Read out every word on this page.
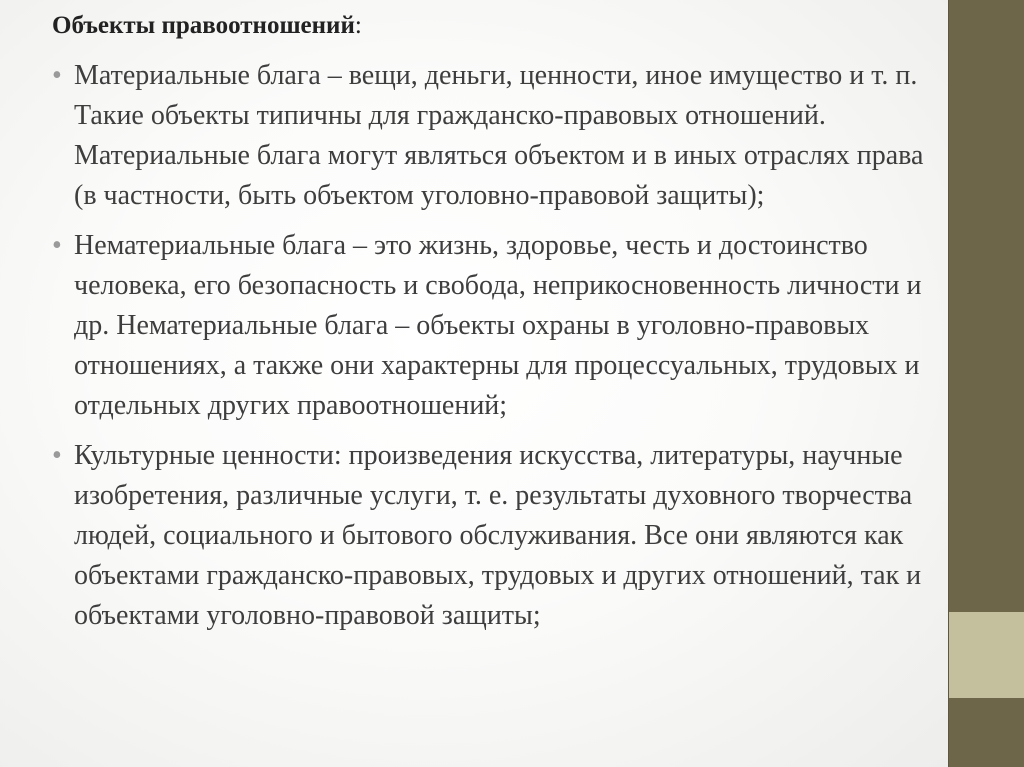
Объекты правоотношений:
• Материальные блага – вещи, деньги, ценности, иное имущество и т. п. Такие объекты типичны для гражданско-правовых отношений. Материальные блага могут являться объектом и в иных отраслях права (в частности, быть объектом уголовно-правовой защиты);
• Нематериальные блага – это жизнь, здоровье, честь и достоинство человека, его безопасность и свобода, неприкосновенность личности и др. Нематериальные блага – объекты охраны в уголовно-правовых отношениях, а также они характерны для процессуальных, трудовых и отдельных других правоотношений;
• Культурные ценности: произведения искусства, литературы, научные изобретения, различные услуги, т. е. результаты духовного творчества людей, социального и бытового обслуживания. Все они являются как объектами гражданско-правовых, трудовых и других отношений, так и объектами уголовно-правовой защиты;
